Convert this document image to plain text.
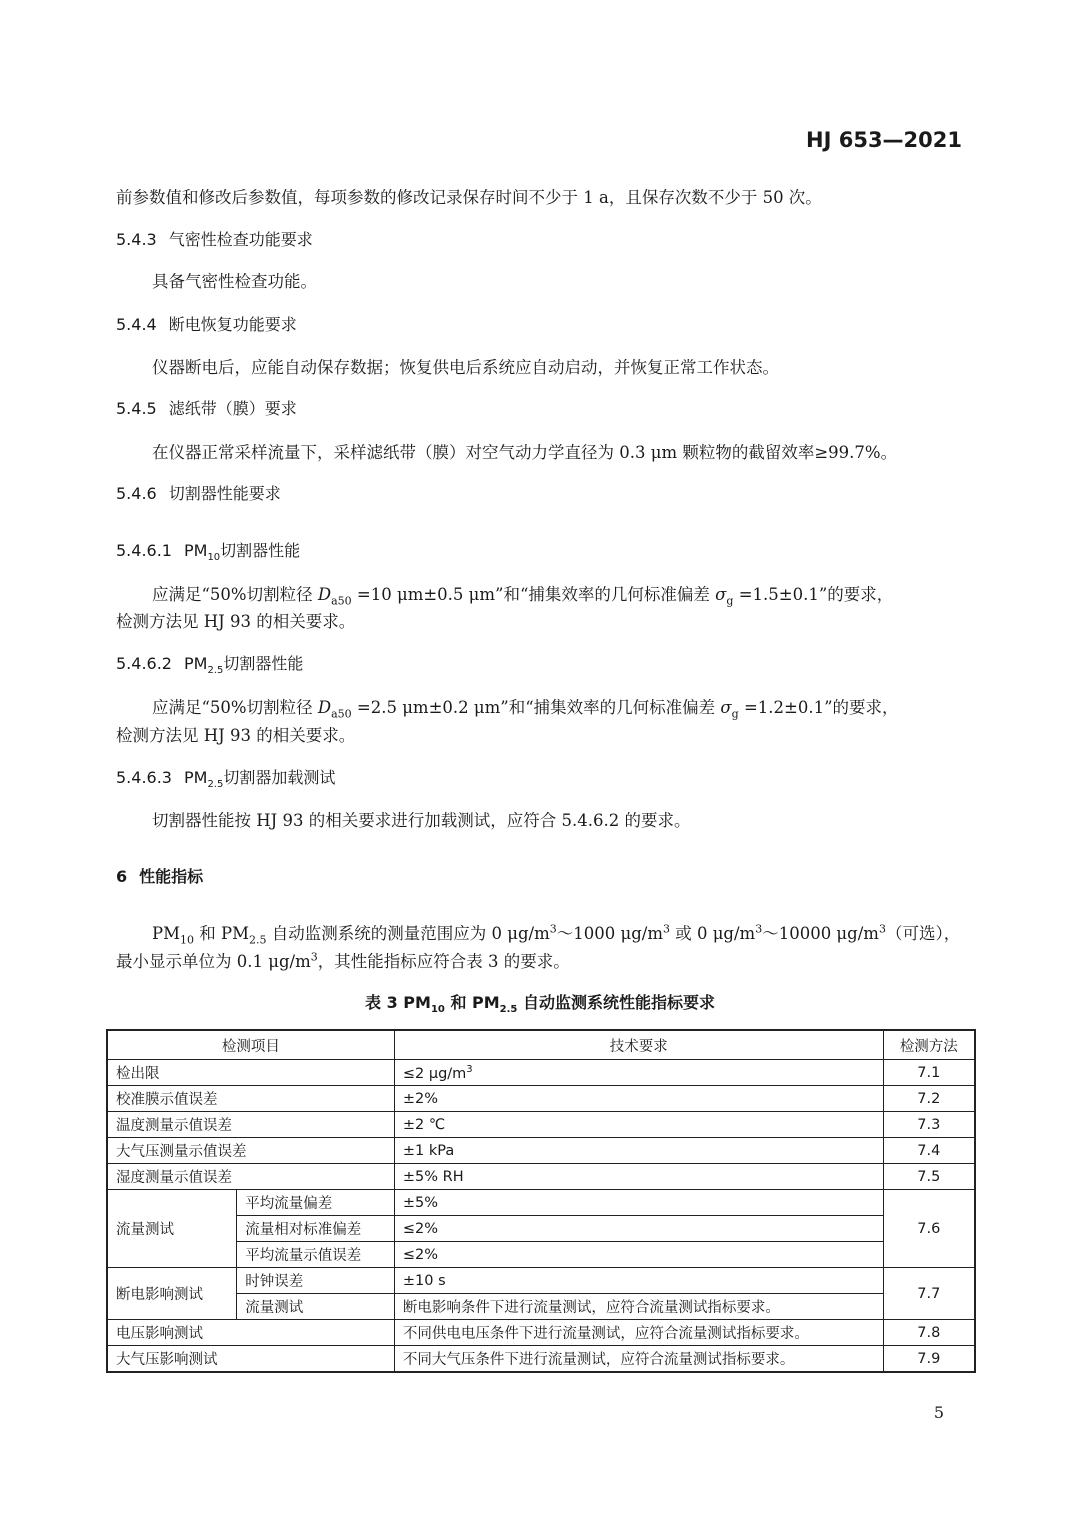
HJ 653—2021
前参数值和修改后参数值，每项参数的修改记录保存时间不少于 1 a，且保存次数不少于 50 次。
5.4.3 气密性检查功能要求
具备气密性检查功能。
5.4.4 断电恢复功能要求
仪器断电后，应能自动保存数据；恢复供电后系统应自动启动，并恢复正常工作状态。
5.4.5 滤纸带（膜）要求
在仪器正常采样流量下，采样滤纸带（膜）对空气动力学直径为 0.3 μm 颗粒物的截留效率≥99.7%。
5.4.6 切割器性能要求
5.4.6.1 $PM_{10}$切割器性能
应满足“50%切割粒径 $D_{a50} =10$ μm±0.5 μm”和“捕集效率的几何标准偏差 $\sigma_g =1.5\pm 0.1$”的要求，
检测方法见 HJ 93 的相关要求。
5.4.6.2 $PM_{2.5}$切割器性能
应满足“50%切割粒径 $D_{a50} =2.5$ μm±0.2 μm”和“捕集效率的几何标准偏差 $\sigma_g =1.2\pm 0.1$”的要求，
检测方法见 HJ 93 的相关要求。
5.4.6.3 $PM_{2.5}$切割器加载测试
切割器性能按 HJ 93 的相关要求进行加载测试，应符合 5.4.6.2 的要求。
6 性能指标
$PM_{10}$ 和 $PM_{2.5}$ 自动监测系统的测量范围应为 0 $\mu g/m^3\sim 1000$ $\mu g/m^3$ 或 0 $\mu g/m^3\sim 10000$ $\mu g/m^3$（可选），
最小显示单位为 0.1 $\mu g/m^3$，其性能指标应符合表 3 的要求。
表 3 $PM_{10}$ 和 $PM_{2.5}$ 自动监测系统性能指标要求
检测项目		技术要求	检测方法
检出限		≤2 $\mu g/m^3$	7.1
校准膜示值误差		±2%	7.2
温度测量示值误差		±2 ℃	7.3
大气压测量示值误差		±1 kPa	7.4
湿度测量示值误差		±5% RH	7.5
流量测试	平均流量偏差	±5%	7.6
	流量相对标准偏差	≤2%	
	平均流量示值误差	≤2%	
断电影响测试	时钟误差	±10 s	7.7
	流量测试	断电影响条件下进行流量测试，应符合流量测试指标要求。	
电压影响测试		不同供电电压条件下进行流量测试，应符合流量测试指标要求。	7.8
大气压影响测试		不同大气压条件下进行流量测试，应符合流量测试指标要求。	7.9
5
